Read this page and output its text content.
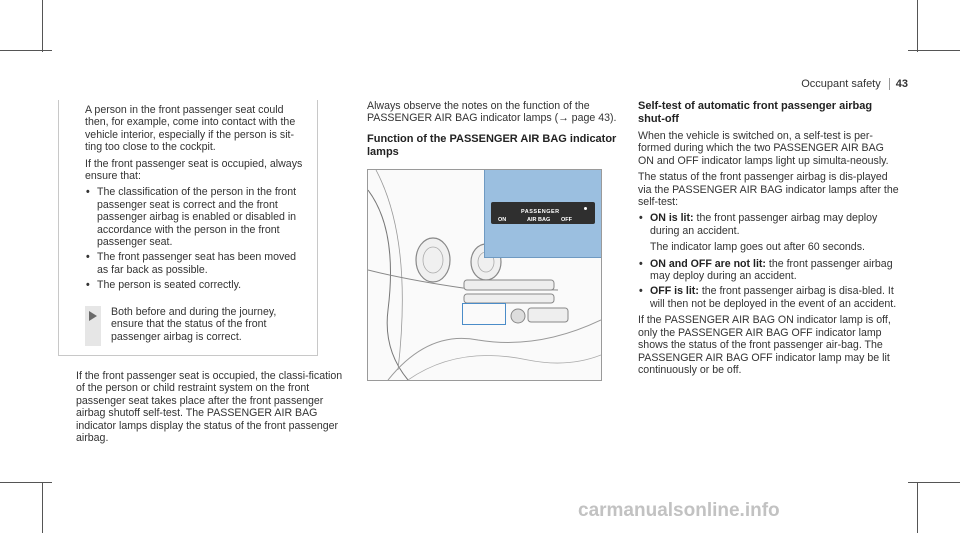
Occupant safety	43

A person in the front passenger seat could then, for example, come into contact with the vehicle interior, especially if the person is sit-ting too close to the cockpit.

If the front passenger seat is occupied, always ensure that:

• The classification of the person in the front passenger seat is correct and the front passenger airbag is enabled or disabled in accordance with the person in the front passenger seat.
• The front passenger seat has been moved as far back as possible.
• The person is seated correctly.

Both before and during the journey, ensure that the status of the front passenger airbag is correct.

If the front passenger seat is occupied, the classi-fication of the person or child restraint system on the front passenger seat takes place after the front passenger airbag shutoff self-test. The PASSENGER AIR BAG indicator lamps display the status of the front passenger airbag.

Always observe the notes on the function of the PASSENGER AIR BAG indicator lamps (→ page 43).

Function of the PASSENGER AIR BAG indicator lamps
PASSENGER
ON	AIR BAG OFF
Self-test of automatic front passenger airbag shut-off

When the vehicle is switched on, a self-test is per-formed during which the two PASSENGER AIR BAG ON and OFF indicator lamps light up simulta-neously.

The status of the front passenger airbag is dis-played via the PASSENGER AIR BAG indicator lamps after the self-test:

• ON is lit: the front passenger airbag may deploy during an accident.

The indicator lamp goes out after 60 seconds.

• ON and OFF are not lit: the front passenger airbag may deploy during an accident.
• OFF is lit: the front passenger airbag is disa-bled. It will then not be deployed in the event of an accident.

If the PASSENGER AIR BAG ON indicator lamp is off, only the PASSENGER AIR BAG OFF indicator lamp shows the status of the front passenger air-bag. The PASSENGER AIR BAG OFF indicator lamp may be lit continuously or be off.

carmanualsonline.info
